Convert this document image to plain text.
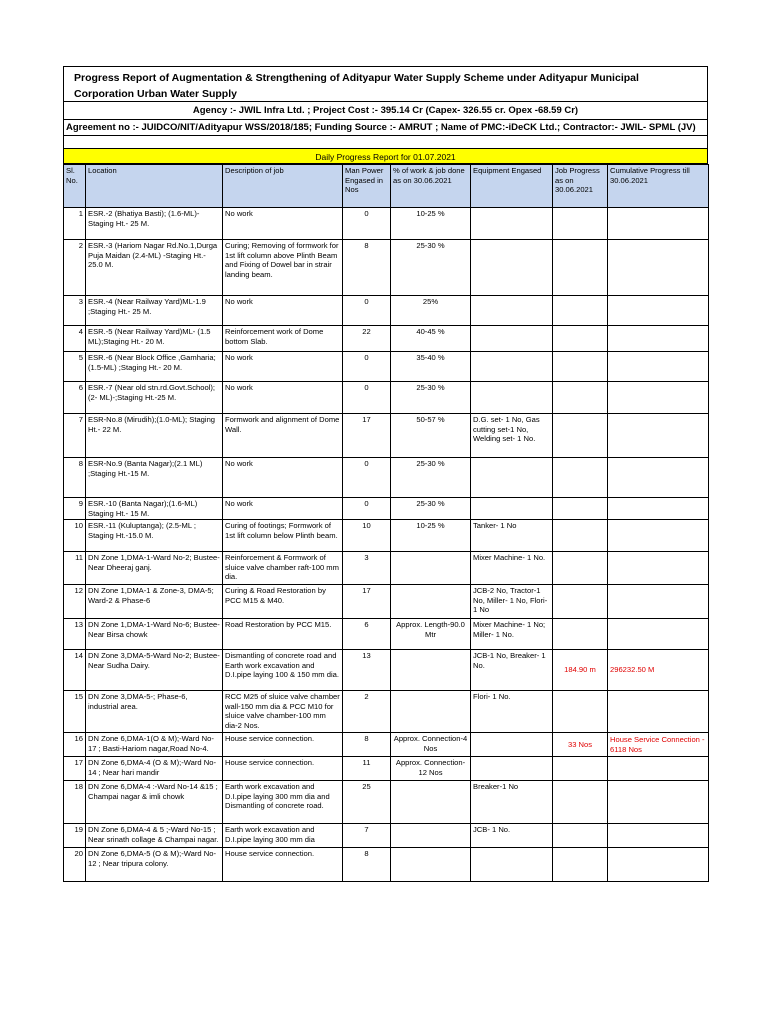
Progress Report of Augmentation & Strengthening of Adityapur Water Supply Scheme under Adityapur Municipal Corporation Urban Water Supply
Agency :- JWIL Infra Ltd. ; Project Cost :- 395.14 Cr (Capex- 326.55 cr. Opex -68.59 Cr)
Agreement no :- JUIDCO/NIT/Adityapur WSS/2018/185; Funding Source :- AMRUT ; Name of PMC:-iDeCK Ltd.; Contractor:- JWIL- SPML (JV)
Daily Progress Report for 01.07.2021
Sl. No.	Location	Description of job	Man Power Engased in Nos	% of work & job done as on 30.06.2021	Equipment Engased	Job Progress as on 30.06.2021	Cumulative Progress till 30.06.2021
1	ESR.-2 (Bhatiya Basti); (1.6-ML)-Staging Ht.- 25 M.	No work	0	10-25 %			
2	ESR.-3 (Hariom Nagar Rd.No.1,Durga Puja Maidan (2.4-ML) -Staging Ht.- 25.0 M.	Curing; Removing of formwork for 1st lift column above Plinth Beam and Fixing of Dowel bar in strair landing beam.	8	25-30 %			
3	ESR.-4 (Near Railway Yard)ML-1.9 ;Staging Ht.- 25 M.	No work	0	25%			
4	ESR.-5 (Near Railway Yard)ML- (1.5 ML);Staging Ht.- 20 M.	Reinforcement work of Dome bottom Slab.	22	40-45 %			
5	ESR.-6 (Near Block Office ,Gamharia;(1.5-ML) ;Staging Ht.- 20 M.	No work	0	35-40 %			
6	ESR.-7 (Near old stn.rd.Govt.School); (2- ML)-;Staging Ht.-25 M.	No work	0	25-30 %			
7	ESR-No.8 (Mirudih);(1.0-ML); Staging Ht.- 22 M.	Formwork and alignment of Dome Wall.	17	50-57 %	D.G. set- 1 No, Gas cutting set-1 No, Welding set- 1 No.		
8	ESR-No.9 (Banta Nagar);(2.1 ML) ;Staging Ht.-15 M.	No work	0	25-30 %			
9	ESR.-10 (Banta Nagar);(1.6-ML) Staging Ht.- 15 M.	No work	0	25-30 %			
10	ESR.-11 (Kuluptanga); (2.5-ML ; Staging Ht.-15.0 M.	Curing of footings; Formwork of 1st lift column below Plinth beam.	10	10-25 %	Tanker- 1 No		
11	DN Zone 1,DMA-1-Ward No-2; Bustee-Near Dheeraj ganj.	Reinforcement & Formwork of sluice valve chamber raft-100 mm dia.	3		Mixer Machine- 1 No.		
12	DN Zone 1,DMA-1 & Zone-3, DMA-5; Ward-2 & Phase-6	Curing & Road Restoration by PCC M15 & M40.	17		JCB-2 No, Tractor-1 No, Miller- 1 No, Flori-1 No		
13	DN Zone 1,DMA-1-Ward No-6; Bustee-Near Birsa chowk	Road Restoration by PCC M15.	6	Approx. Length-90.0 Mtr	Mixer Machine- 1 No; Miller- 1 No.		
14	DN Zone 3,DMA-5-Ward No-2; Bustee-Near Sudha Dairy.	Dismantling of concrete road and Earth work excavation and D.I.pipe laying 100 & 150 mm dia.	13		JCB-1 No, Breaker- 1 No.	184.90 m	296232.50 M
15	DN Zone 3,DMA-5-; Phase-6, industrial area.	RCC M25 of sluice valve chamber wall-150 mm dia & PCC M10 for sluice valve chamber-100 mm dia-2 Nos.	2		Flori- 1 No.		
16	DN Zone 6,DMA-1(O & M);-Ward No-17 ; Basti-Hariom nagar,Road No-4.	House service connection.	8	Approx. Connection-4 Nos		33 Nos	House Service Connection - 6118 Nos
17	DN Zone 6,DMA-4 (O & M);-Ward No-14 ; Near hari mandir	House service connection.	11	Approx. Connection-12 Nos			
18	DN Zone 6,DMA-4 :-Ward No-14 &15 ; Champai nagar & imli chowk	Earth work excavation and D.I.pipe laying 300 mm dia and Dismantling of concrete road.	25		Breaker-1 No		
19	DN Zone 6,DMA-4 & 5 ;-Ward No-15 ; Near srinath collage & Champai nagar.	Earth work excavation and D.I.pipe laying 300 mm dia	7		JCB- 1 No.		
20	DN Zone 6,DMA-5 (O & M);-Ward No-12 ; Near tripura colony.	House service connection.	8				
